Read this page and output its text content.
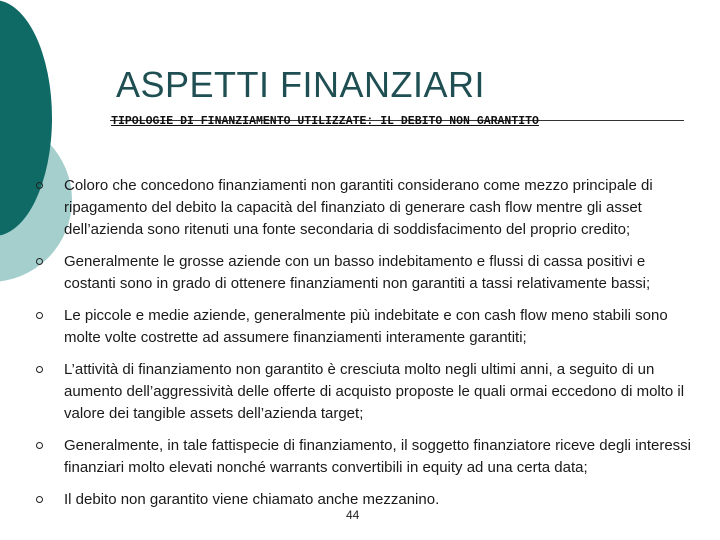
ASPETTI FINANZIARI
TIPOLOGIE DI FINANZIAMENTO UTILIZZATE: IL DEBITO NON GARANTITO
Coloro che concedono finanziamenti non garantiti considerano come mezzo principale di ripagamento del debito la capacità del finanziato di generare cash flow mentre gli asset dell’azienda sono ritenuti una fonte secondaria di soddisfacimento del proprio credito;
Generalmente le grosse aziende con un basso indebitamento e flussi di cassa positivi e costanti sono in grado di ottenere finanziamenti non garantiti a tassi relativamente bassi;
Le piccole e medie aziende, generalmente più indebitate e con cash flow meno stabili sono molte volte costrette ad assumere finanziamenti interamente garantiti;
L’attività di finanziamento non garantito è cresciuta molto negli ultimi anni, a seguito di un aumento dell’aggressività delle offerte di acquisto proposte le quali ormai eccedono di molto il valore dei tangible assets dell’azienda target;
Generalmente, in tale fattispecie di finanziamento, il soggetto finanziatore riceve degli interessi finanziari molto elevati nonché warrants convertibili in equity ad una certa data;
Il debito non garantito viene chiamato anche mezzanino.
44
